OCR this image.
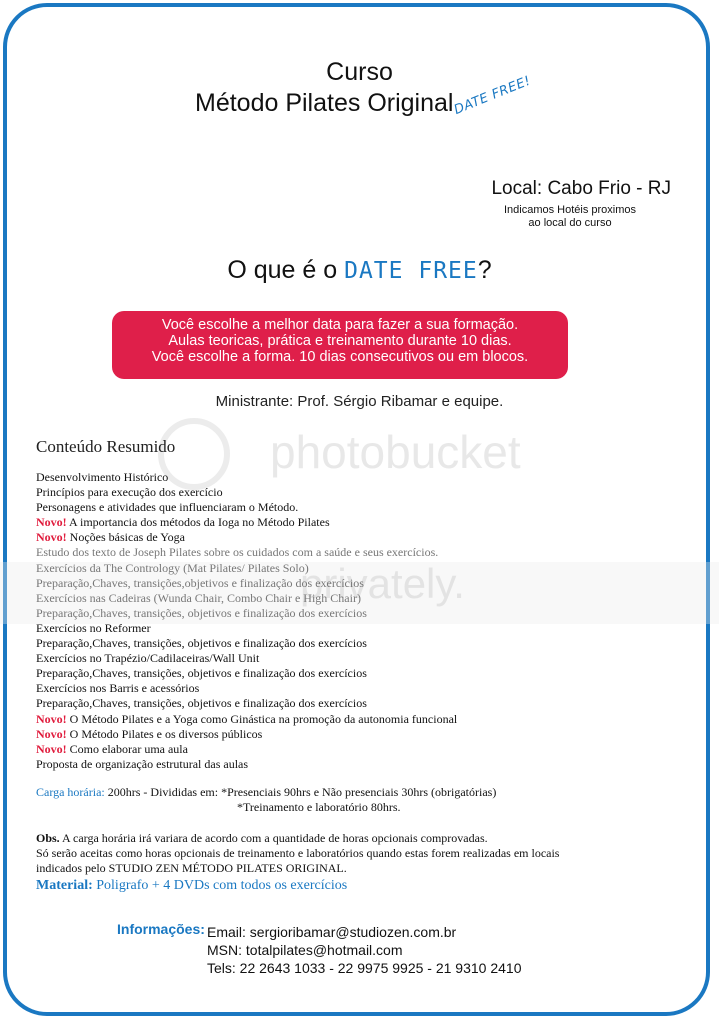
Curso
Método Pilates Original
DATE FREE!
Local: Cabo Frio - RJ
Indicamos Hotéis proximos
ao local do curso
O que é o DATE FREE?
Você escolhe a melhor data para fazer a sua formação.
Aulas teoricas, prática e treinamento durante 10 dias.
Você escolhe a forma. 10 dias consecutivos ou em blocos.
Ministrante: Prof. Sérgio Ribamar e equipe.
photobucket
privately.
Conteúdo Resumido
Desenvolvimento Histórico
Princípios para execução dos exercício
Personagens e atividades que influenciaram o Método.
Novo! A importancia dos métodos da Ioga no Método Pilates
Novo! Noções básicas de Yoga
Estudo dos texto de Joseph Pilates sobre os cuidados com a saúde e seus exercícios.
Exercícios da The Contrology (Mat Pilates/ Pilates Solo)
Preparação,Chaves, transições,objetivos e finalização dos exercícios
Exercícios nas Cadeiras (Wunda Chair, Combo Chair e High Chair)
Preparação,Chaves, transições, objetivos e finalização dos exercícios
Exercícios no Reformer
Preparação,Chaves, transições, objetivos e finalização dos exercícios
Exercícios no Trapézio/Cadilaceiras/Wall Unit
Preparação,Chaves, transições, objetivos e finalização dos exercícios
Exercícios nos Barris e acessórios
Preparação,Chaves, transições, objetivos e finalização dos exercícios
Novo! O Método Pilates e a Yoga como Ginástica na promoção da autonomia funcional
Novo! O Método Pilates e os diversos públicos
Novo! Como elaborar uma aula
Proposta de organização estrutural das aulas
Carga horária: 200hrs - Divididas em: *Presenciais 90hrs e Não presenciais 30hrs (obrigatórias)
*Treinamento e laboratório 80hrs.
Obs. A carga horária irá variara de acordo com a quantidade de horas opcionais comprovadas.
Só serão aceitas como horas opcionais de treinamento e laboratórios quando estas forem realizadas em locais
indicados pelo STUDIO ZEN MÉTODO PILATES ORIGINAL.
Material: Poligrafo + 4 DVDs com todos os exercícios
Informações: Email: sergioribamar@studiozen.com.br
MSN: totalpilates@hotmail.com
Tels: 22 2643 1033 - 22 9975 9925 - 21 9310 2410
